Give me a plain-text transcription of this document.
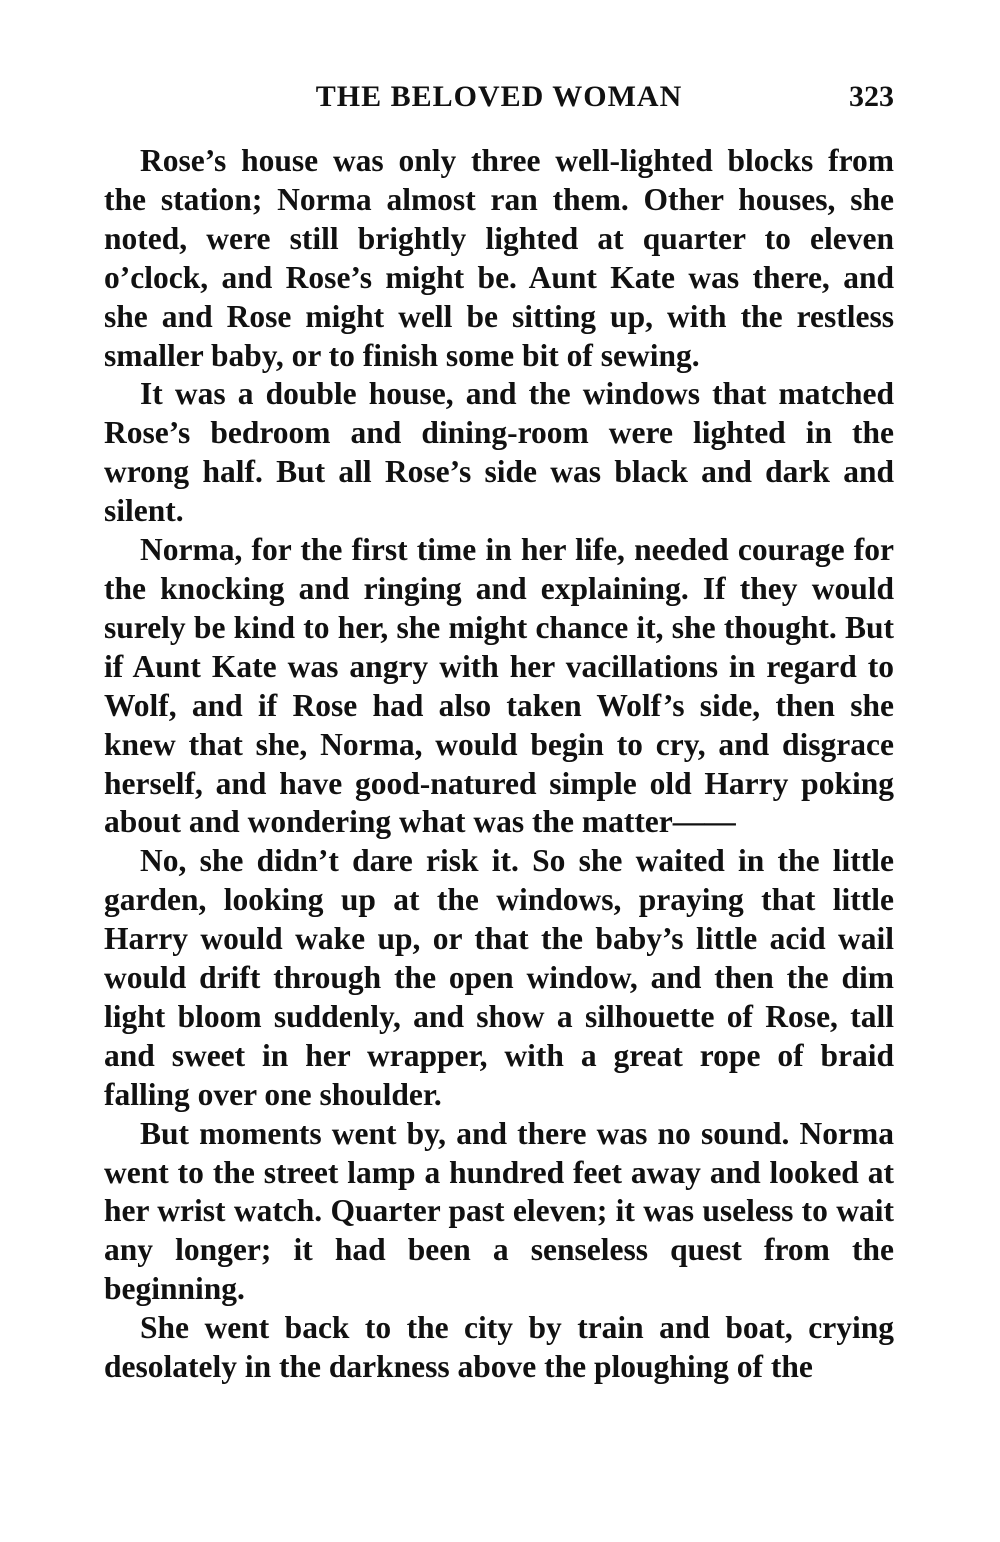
THE BELOVED WOMAN	323

Rose’s house was only three well-lighted blocks from the station; Norma almost ran them. Other houses, she noted, were still brightly lighted at quarter to eleven o’clock, and Rose’s might be. Aunt Kate was there, and she and Rose might well be sitting up, with the restless smaller baby, or to finish some bit of sewing.

It was a double house, and the windows that matched Rose’s bedroom and dining-room were lighted in the wrong half. But all Rose’s side was black and dark and silent.

Norma, for the first time in her life, needed courage for the knocking and ringing and explaining. If they would surely be kind to her, she might chance it, she thought. But if Aunt Kate was angry with her vacillations in regard to Wolf, and if Rose had also taken Wolf’s side, then she knew that she, Norma, would begin to cry, and disgrace herself, and have good-natured simple old Harry poking about and wondering what was the matter——

No, she didn’t dare risk it. So she waited in the little garden, looking up at the windows, praying that little Harry would wake up, or that the baby’s little acid wail would drift through the open window, and then the dim light bloom suddenly, and show a silhouette of Rose, tall and sweet in her wrapper, with a great rope of braid falling over one shoulder.

But moments went by, and there was no sound. Norma went to the street lamp a hundred feet away and looked at her wrist watch. Quarter past eleven; it was useless to wait any longer; it had been a senseless quest from the beginning.

She went back to the city by train and boat, crying desolately in the darkness above the ploughing of the
